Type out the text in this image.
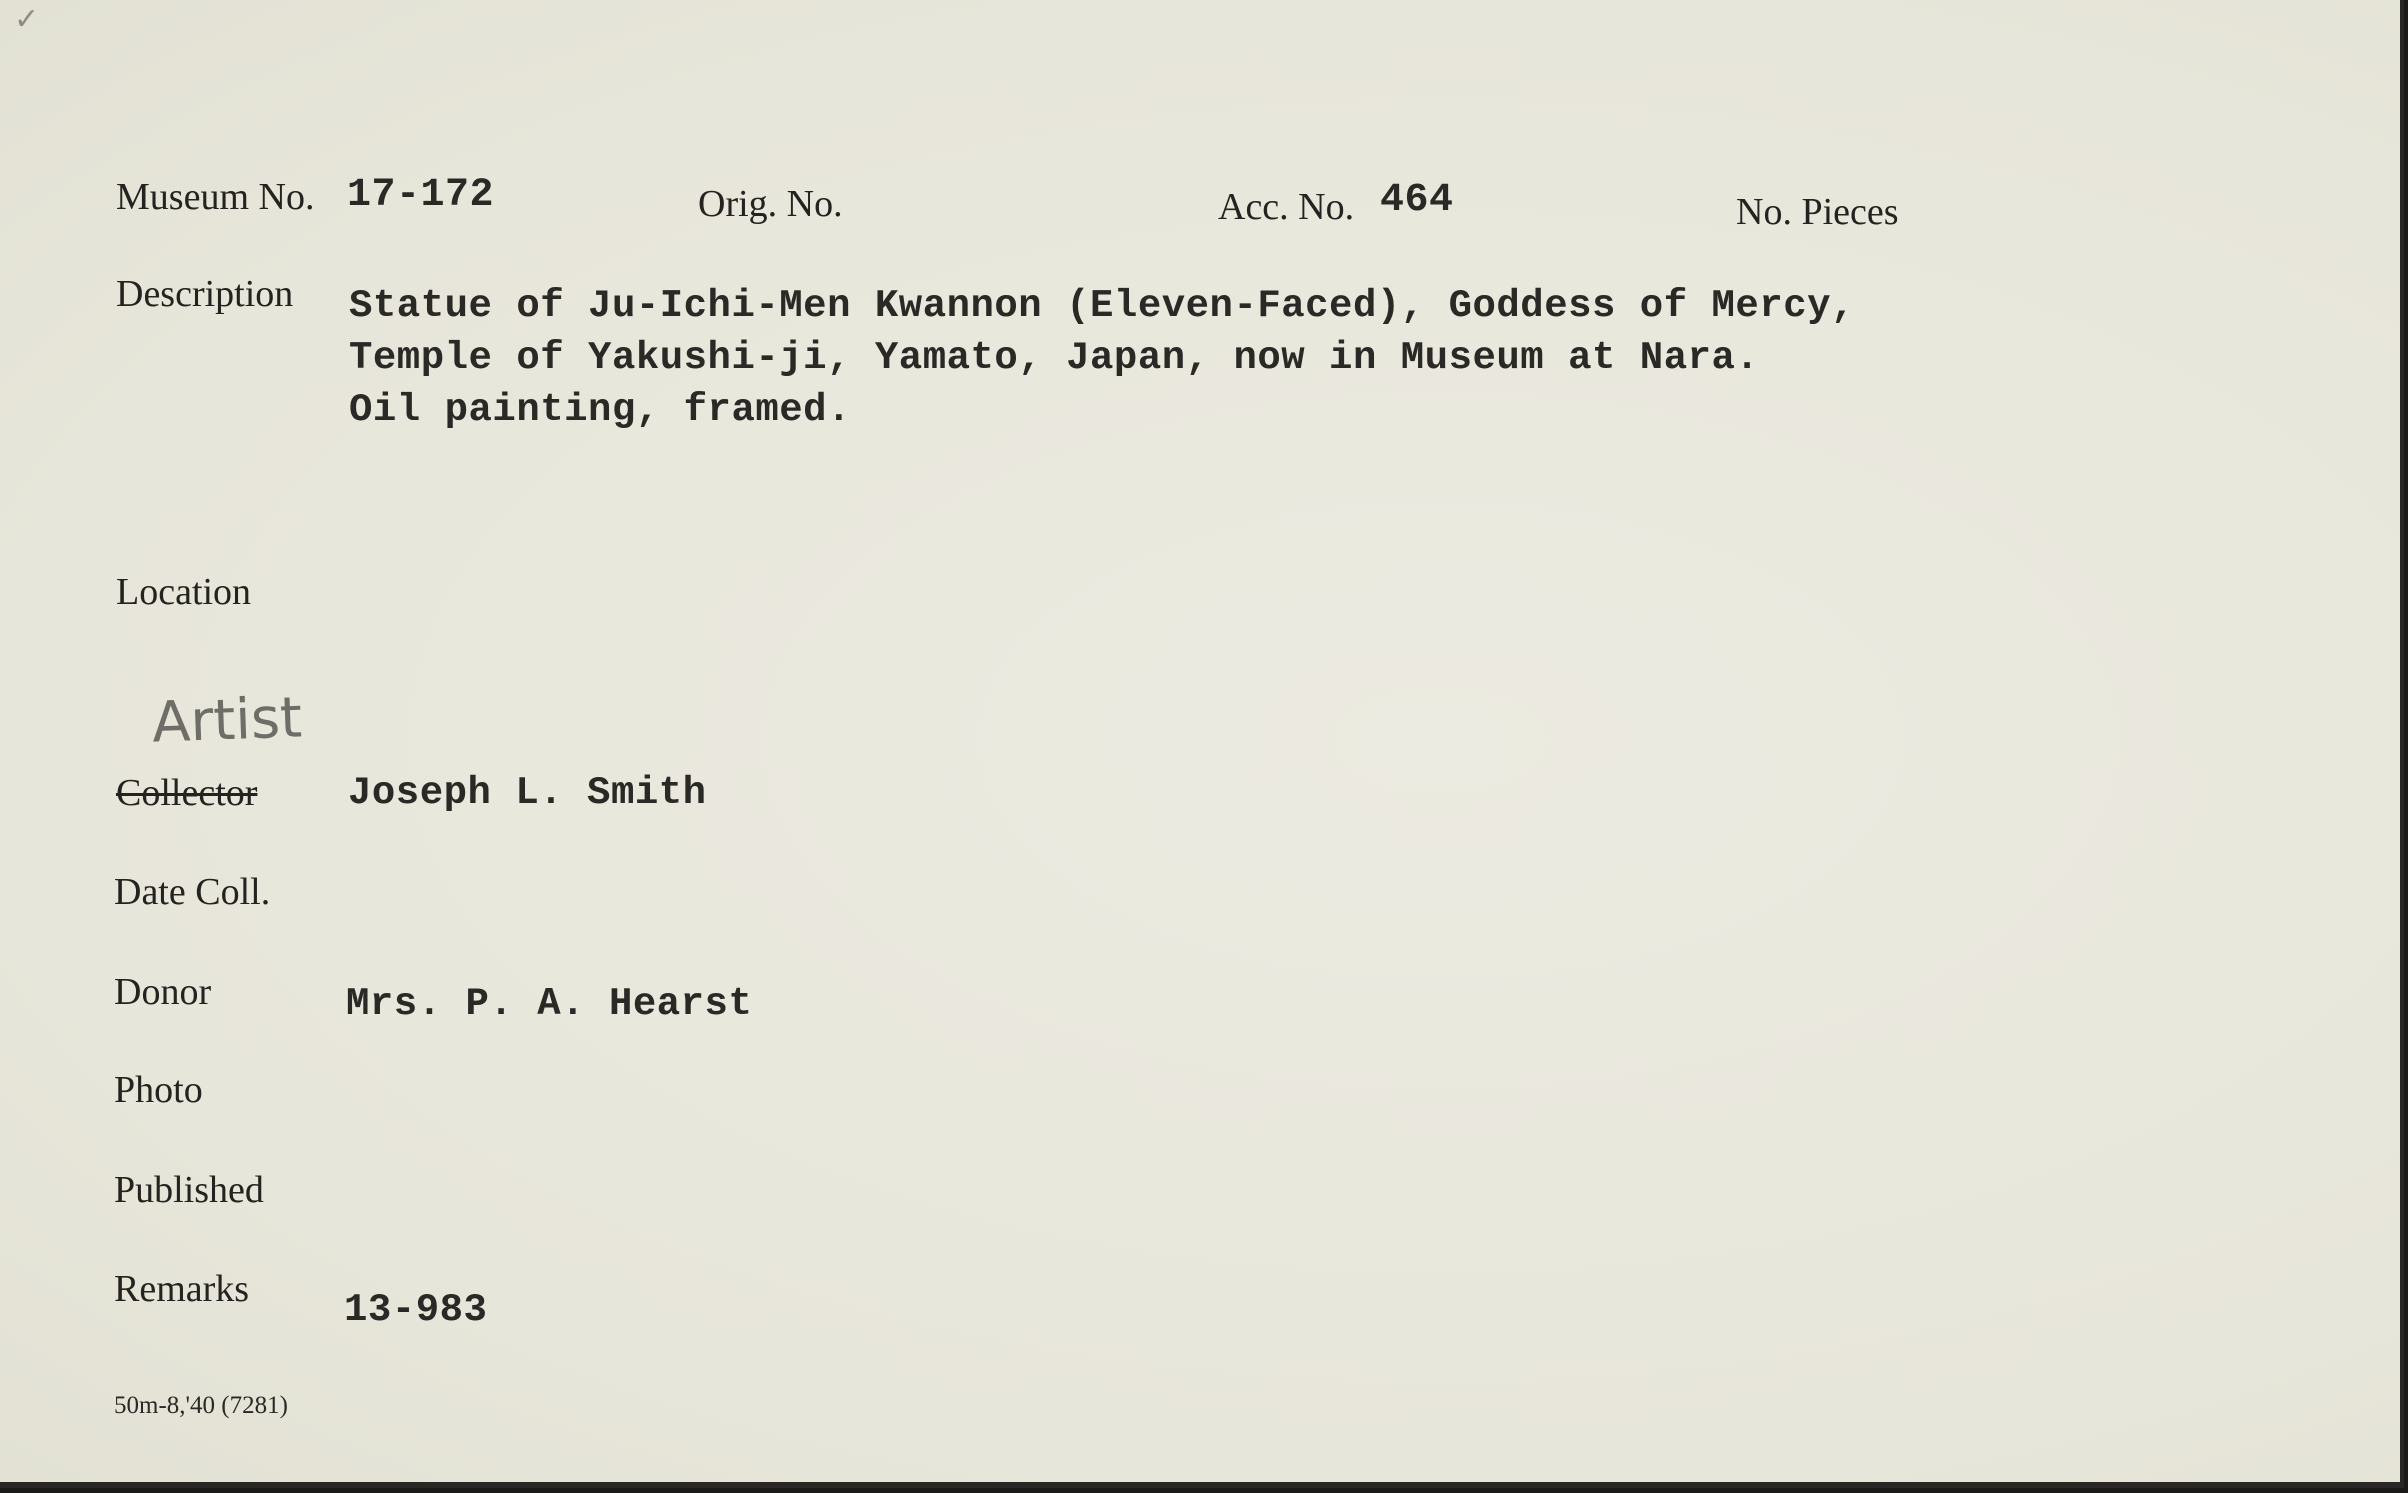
✓
Museum No. 17-172	Orig. No.	Acc. No. 464	No. Pieces
Description Statue of Ju-Ichi-Men Kwannon (Eleven-Faced), Goddess of Mercy,
Temple of Yakushi-ji, Yamato, Japan, now in Museum at Nara.
Oil painting, framed.
Location
Artist
Collector Joseph L. Smith
Date Coll.
Donor	Mrs. P. A. Hearst
Photo
Published
Remarks 13-983
50m-8,'40 (7281)
